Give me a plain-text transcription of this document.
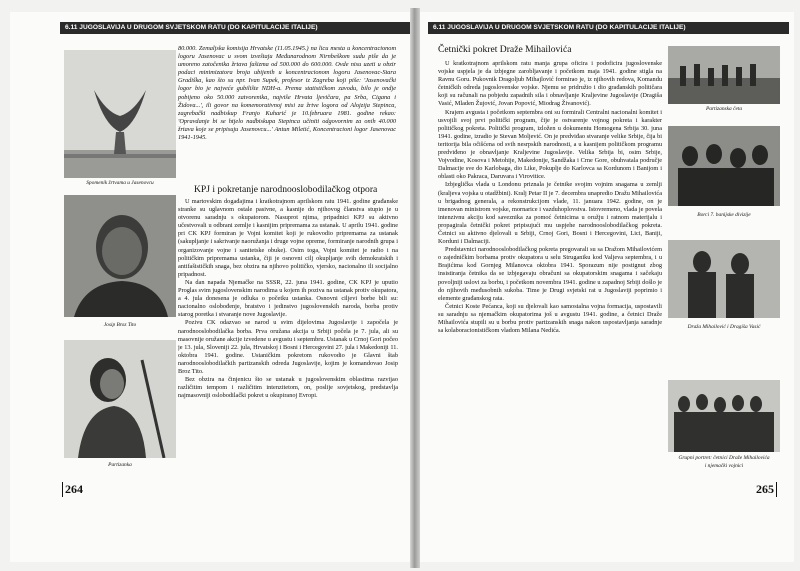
6.11 JUGOSLAVIJA U DRUGOM SVJETSKOM RATU (DO KAPITULACIJE ITALIJE)	6.11 JUGOSLAVIJA U DRUGOM SVJETSKOM RATU (DO KAPITULACIJE ITALIJE)
Spomenik žrtvama u Jasenovcu
Josip Broz Tito
Partizanka

80.000. Zemaljska komisija Hrvatske (11.05.1945.) na licu mesta u koncentracionom logoru Jasenovac u svom izveštaju Međunarodnom Nirnbeškom sudu piše da je umoreno zatočenika žrtava fašizma od 500.000 do 600.000. Ovde nisu uzeti u obzir podaci minimizatora broja ubijenih u koncentracionom logoru Jasenovac-Stara Gradiška, kao što su npr. Ivan Supek, profesor iz Zagreba koji piše: 'Jasenovački logor bio je najveće gubilište NDH-a. Prema statističkom zavodu, bilo je ondje pobijeno oko 50.000 zatvorenika, najviše Hrvata ljevičara, pa Srba, Cigana i Židova...', ili govor na komemorativnoj misi za žrtve logora od Alojzija Stepinca, zagrebački nadbiskup Franjo Kuharić je 10.februara 1981. godine rekao: 'Opravdanje bi se htjelo nadbiskupa Stepinca učiniti odgovornim za onih 40.000 žrtava koje se pripisuju Jasenovcu...' Antun Miletić, Koncentracioni logor Jasenovac 1941-1945.

KPJ i pokretanje narodnooslobodilačkog otpora

U martovskim događajima i kratkotrajnom aprilskom ratu 1941. godine građanske stranke su uglavnom ostale pasivne, a kasnije do njihovog članstva stupio je u otvorenu saradnju s okupatorom. Nasuprot njima, pripadnici KPJ su aktivno učestvovali u odbrani zemlje i kasnijim pripremama za ustanak. U aprilu 1941. godine pri CK KPJ formiran je Vojni komitet koji je rukovodio pripremama za ustanak (sakupljanje i sakrivanje naoružanja i drugе vojne opreme, formiranje narodnih grupa i organizovanje vojnе i sanitetske obuke). Osim toga, Vojni komitet je radio i na političkim pripremama ustanka, čiji je osnovni cilj okupljanje svih demokratskih i antifašističkih snaga, bez obzira na njihovo političko, vjersko, nacionalno ili socijalno pripadnost.

Na dan napada Njemačke na SSSR, 22. juna 1941. godine, CK KPJ je uputio Proglas svim jugoslovenskim narodima u kojem ih poziva na ustanak protiv okupatora, a 4. jula donesena je odluka o početku ustanka. Osnovni ciljevi borbe bili su: nacionalno oslobođenje, bratstvo i jedinstvo jugoslovenskih naroda, borba protiv starog poretka i stvaranje nove Jugoslavije.

Pozivu CK odazvao se narod u svim dijelovima Jugoslavije i započela je narodnooslobodilačka borba. Prva oružana akcija u Srbiji počela je 7. jula, ali su masovnije oružane akcije izvedene u avgustu i septembru. Ustanak u Crnoj Gori počeo je 13. jula, Sloveniji 22. jula, Hrvatskoj i Bosni i Hercegovini 27. jula i Makedoniji 11. oktobra 1941. godine. Ustaničkim pokretom rukovodio je Glavni štab narodnooslobodilačkih partizanskih odreda Jugoslavije, kojim je komandovao Josip Broz Tito.

Bez obzira na činjenicu što se ustanak u jugoslovenskim oblastima razvijao različitim tempom i različitim intenzitetom, on, poslije sovjetskog, predstavlja najmasovniji oslobodilački pokret u okupiranoj Evropi.

264
Četnički pokret Draže Mihailovića

U kratkotrajnom aprilskom ratu manja grupa oficira i podoficira jugoslovenske vojske uspjela je da izbjegne zarobljavanje i početkom maja 1941. godine stigla na Ravnu Goru. Pukovnik Dragoljub Mihajlović formirao je, iz njihovih redova, Komandu četničkih odreda jugoslovenske vojske. Njemu se pridružio i dio građanskih političara koji su računali na pobjedu zapadnih sila i obnavljanje Kraljevine Jugoslavije (Dragiša Vasić, Mladen Žujović, Jovan Popović, Miodrag Živanović).

Krajem avgusta i početkom septembra oni su formirali Centralni nacionalni komitet i usvojili svoj prvi politički program, čije je ostvarenje vojnog pokreta i karakter političkog pokreta. Politički program, izložen u dokumentu Homogena Srbija 30. juna 1941. godine, izradio je Stevan Moljević. On je predviđao stvaranje velike Srbije, čija bi teritorija bila očišćena od svih nesrpskih narodnosti, a u kasnijem političkom programu predviđeno je obnavljanje Kraljevine Jugoslavije. Velika Srbija bi, osim Srbije, Vojvodine, Kosova i Metohije, Makedonije, Sandžaka i Crne Gore, obuhvatala područje Dalmacije sve do Karlobaga, dio Like, Pokuplje do Karlovca sa Kordunom i Banijom i oblasti oko Pakraca, Daruvara i Virovitice.

Izbjeglička vlada u Londonu priznala je četnike svojim vojnim snagama u zemlji (kraljeva vojska u otadžbini). Kralj Petar II je 7. decembra unapredio Dražu Mihailovića u brigadnog generala, a rekonstrukcijom vlade, 11. januara 1942. godine, on je imenovan ministrom vojske, mornarice i vazduhoplovstva. Istovremeno, vlada je povela intenzivnu akciju kod saveznika za pomoć četnicima u oružju i ratnom materijalu i propagirala četnički pokret pripisujući mu uspjehe narodnooslobodilačkog pokreta. Četnici su aktivno djelovali u Srbiji, Crnoj Gori, Bosni i Hercegovini, Lici, Baniji, Korduni i Dalmaciji.

Predstavnici narodnooslobodilačkog pokreta pregovarali su sa Dražom Mihailovićem o zajedničkim borbama protiv okupatora u selu Struganiku kod Valjeva septembra, i u Brajićima kod Gornjeg Milanovca oktobra 1941. Sporazum nije postignut zbog insistiranja četnika da se izbjegavaju obračuni sa okupatorskim snagama i sačekaju povoljniji uslovi za borbu, i početkom novembra 1941. godine u zapadnoj Srbiji došlo je do njihovih međusobnih sukoba. Time je Drugi svjetski rat u Jugoslaviji poprimio i elemente građanskog rata.

Četnici Koste Pećanca, koji su djelovali kao samostalna vojna formacija, uspostavili su saradnju sa njemačkim okupatorima još u avgustu 1941. godine, a četnici Draže Mihailovića stupili su u borbu protiv partizanskih snaga nakon uspostavljanja saradnje sa kolaboracionističkom vladom Milana Nedića.

Partizanska četa
Borci 7. banijske divizije
Draža Mihailović i Dragiša Vasić
Grupni portret: četnici Draže Mihailovića
i njemački vojnici
265
